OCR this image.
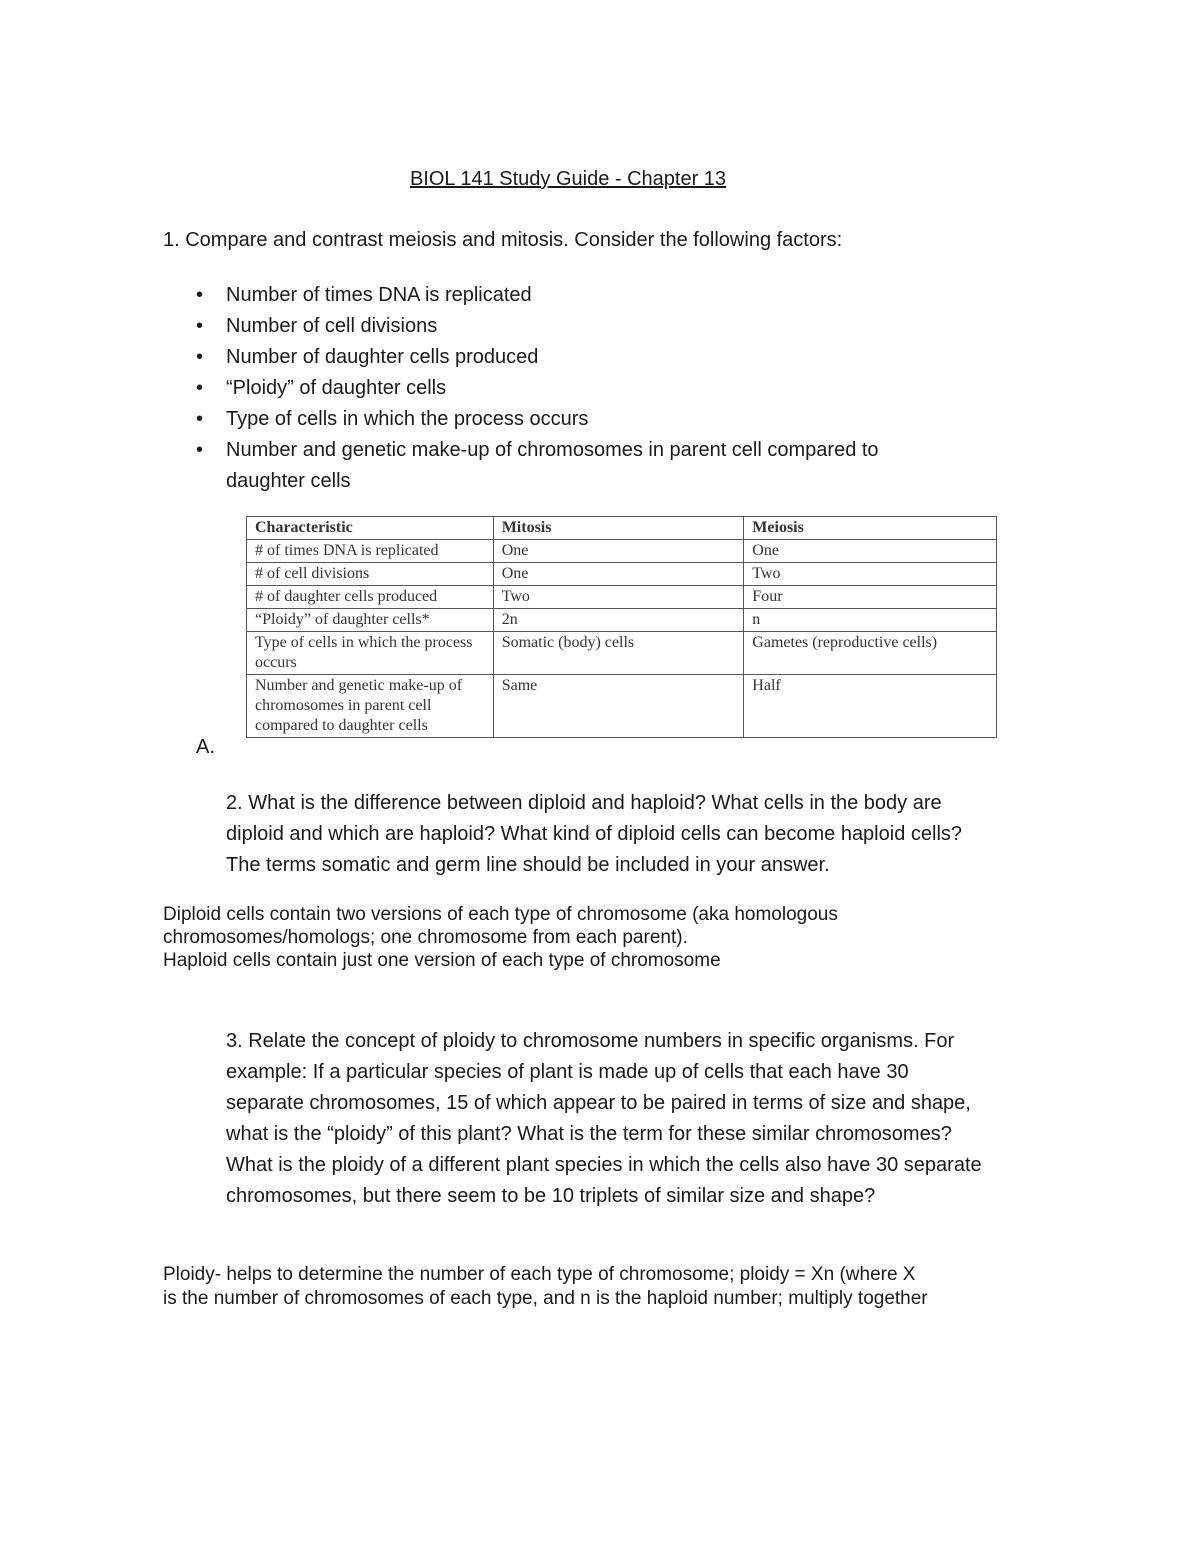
BIOL 141 Study Guide - Chapter 13
1. Compare and contrast meiosis and mitosis. Consider the following factors:
• Number of times DNA is replicated
• Number of cell divisions
• Number of daughter cells produced
• “Ploidy” of daughter cells
• Type of cells in which the process occurs
• Number and genetic make-up of chromosomes in parent cell compared to daughter cells
Characteristic	Mitosis	Meiosis
# of times DNA is replicated	One	One
# of cell divisions	One	Two
# of daughter cells produced	Two	Four
“Ploidy” of daughter cells*	2n	n
Type of cells in which the process occurs	Somatic (body) cells	Gametes (reproductive cells)
Number and genetic make-up of chromosomes in parent cell compared to daughter cells	Same	Half
A.
2. What is the difference between diploid and haploid? What cells in the body are diploid and which are haploid? What kind of diploid cells can become haploid cells? The terms somatic and germ line should be included in your answer.
Diploid cells contain two versions of each type of chromosome (aka homologous chromosomes/homologs; one chromosome from each parent).
Haploid cells contain just one version of each type of chromosome
3. Relate the concept of ploidy to chromosome numbers in specific organisms. For example: If a particular species of plant is made up of cells that each have 30 separate chromosomes, 15 of which appear to be paired in terms of size and shape, what is the “ploidy” of this plant? What is the term for these similar chromosomes? What is the ploidy of a different plant species in which the cells also have 30 separate chromosomes, but there seem to be 10 triplets of similar size and shape?
Ploidy- helps to determine the number of each type of chromosome; ploidy = Xn (where X
is the number of chromosomes of each type, and n is the haploid number; multiply together
